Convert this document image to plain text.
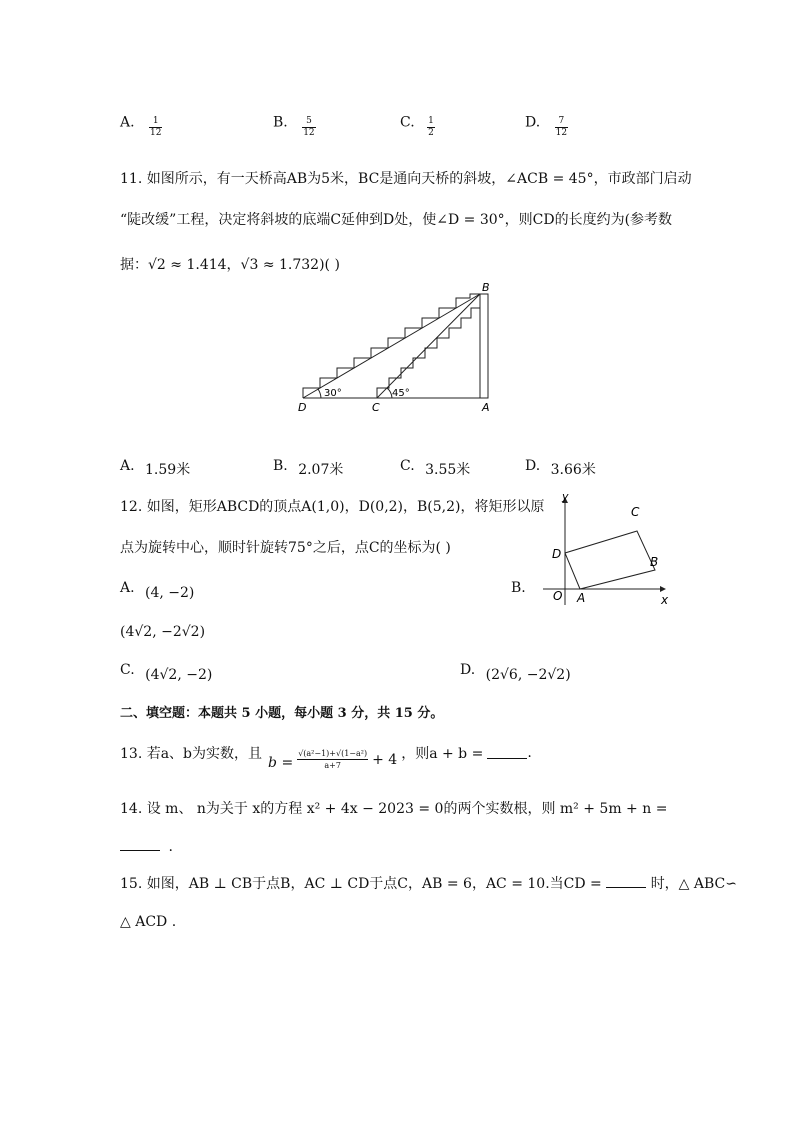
A. $\frac{1}{12}$	B. $\frac{5}{12}$	C. $\frac{1}{2}$	D. $\frac{7}{12}$
11. 如图所示，有一天桥高AB为5米，BC是通向天桥的斜坡，∠ACB = 45°，市政部门启动
“陡改缓”工程，决定将斜坡的底端C延伸到D处，使∠D = 30°，则CD的长度约为(参考数
据：√2 ≈ 1.414，√3 ≈ 1.732)( )
D	C	A
B
30°	45°
A. 1.59米	B. 2.07米	C. 3.55米	D. 3.66米
12. 如图，矩形ABCD的顶点A(1,0)，D(0,2)，B(5,2)，将矩形以原
点为旋转中心，顺时针旋转75°之后，点C的坐标为( )
y
x
O A
D
C
B
A. (4, −2)	B.
(4√2, −2√2)
C. (4√2, −2)	D. (2√6, −2√2)
二、填空题：本题共 5 小题，每小题 3 分，共 15 分。
13. 若a、b为实数，且
$b = \frac{\text{√(a²−1)+√(1−a²)}}{a+7} + 4$ ，则a + b =	.
14. 设 m、 n为关于 x的方程 x² + 4x − 2023 = 0的两个实数根，则 m² + 5m + n =
.
15. 如图，AB ⊥ CB于点B，AC ⊥ CD于点C，AB = 6，AC = 10.当CD =	时，△ ABC∽
△ ACD .
